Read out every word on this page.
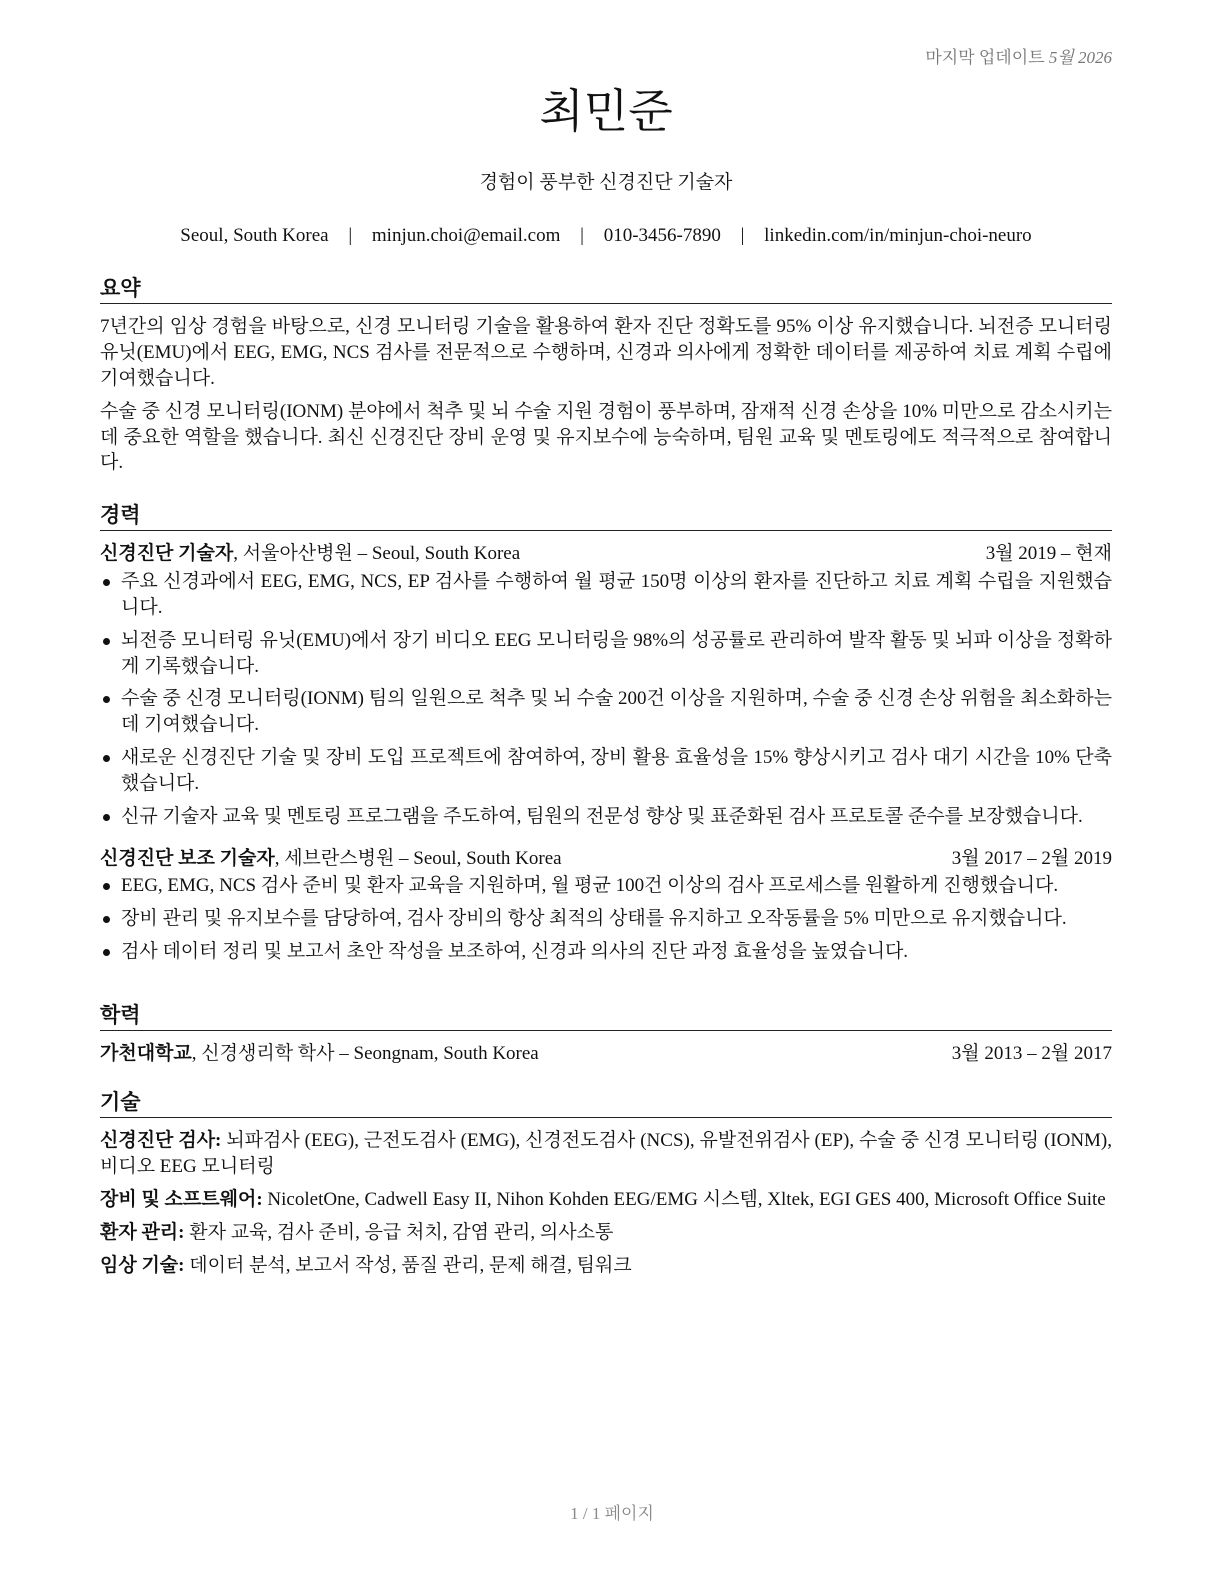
마지막 업데이트 5월 2026
최민준
경험이 풍부한 신경진단 기술자
Seoul, South Korea | minjun.choi@email.com | 010-3456-7890 | linkedin.com/in/minjun-choi-neuro
요약

7년간의 임상 경험을 바탕으로, 신경 모니터링 기술을 활용하여 환자 진단 정확도를 95% 이상 유지했습니다. 뇌전증 모니터링 유닛(EMU)에서 EEG, EMG, NCS 검사를 전문적으로 수행하며, 신경과 의사에게 정확한 데이터를 제공하여 치료 계획 수립에 기여했습니다.

수술 중 신경 모니터링(IONM) 분야에서 척추 및 뇌 수술 지원 경험이 풍부하며, 잠재적 신경 손상을 10% 미만으로 감소시키는 데 중요한 역할을 했습니다. 최신 신경진단 장비 운영 및 유지보수에 능숙하며, 팀원 교육 및 멘토링에도 적극적으로 참여합니다.

경력
신경진단 기술자, 서울아산병원 – Seoul, South Korea	3월 2019 – 현재
주요 신경과에서 EEG, EMG, NCS, EP 검사를 수행하여 월 평균 150명 이상의 환자를 진단하고 치료 계획 수립을 지원했습니다.
뇌전증 모니터링 유닛(EMU)에서 장기 비디오 EEG 모니터링을 98%의 성공률로 관리하여 발작 활동 및 뇌파 이상을 정확하게 기록했습니다.
수술 중 신경 모니터링(IONM) 팀의 일원으로 척추 및 뇌 수술 200건 이상을 지원하며, 수술 중 신경 손상 위험을 최소화하는 데 기여했습니다.
새로운 신경진단 기술 및 장비 도입 프로젝트에 참여하여, 장비 활용 효율성을 15% 향상시키고 검사 대기 시간을 10% 단축했습니다.
신규 기술자 교육 및 멘토링 프로그램을 주도하여, 팀원의 전문성 향상 및 표준화된 검사 프로토콜 준수를 보장했습니다.
신경진단 보조 기술자, 세브란스병원 – Seoul, South Korea	3월 2017 – 2월 2019
EEG, EMG, NCS 검사 준비 및 환자 교육을 지원하며, 월 평균 100건 이상의 검사 프로세스를 원활하게 진행했습니다.
장비 관리 및 유지보수를 담당하여, 검사 장비의 항상 최적의 상태를 유지하고 오작동률을 5% 미만으로 유지했습니다.
검사 데이터 정리 및 보고서 초안 작성을 보조하여, 신경과 의사의 진단 과정 효율성을 높였습니다.
학력
가천대학교, 신경생리학 학사 – Seongnam, South Korea	3월 2013 – 2월 2017
기술
신경진단 검사: 뇌파검사 (EEG), 근전도검사 (EMG), 신경전도검사 (NCS), 유발전위검사 (EP), 수술 중 신경 모니터링 (IONM), 비디오 EEG 모니터링
장비 및 소프트웨어: NicoletOne, Cadwell Easy II, Nihon Kohden EEG/EMG 시스템, Xltek, EGI GES 400, Microsoft Office Suite
환자 관리: 환자 교육, 검사 준비, 응급 처치, 감염 관리, 의사소통
임상 기술: 데이터 분석, 보고서 작성, 품질 관리, 문제 해결, 팀워크
1 / 1 페이지
